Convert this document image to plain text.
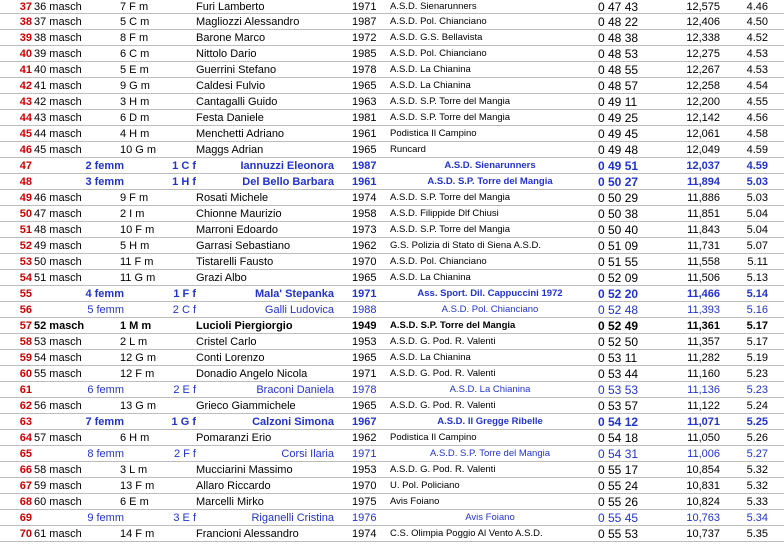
37 36 masch	7 F m	Furi Lamberto	1971	A.S.D. Sienarunners	0 47 43	12,575	4.46
38 37 masch	5 C m	Magliozzi Alessandro	1987	A.S.D. Pol. Chianciano	0 48 22	12,406	4.50
39 38 masch	8 F m	Barone Marco	1972	A.S.D. G.S. Bellavista	0 48 38	12,338	4.52
40 39 masch	6 C m	Nittolo Dario	1985	A.S.D. Pol. Chianciano	0 48 53	12,275	4.53
41 40 masch	5 E m	Guerrini Stefano	1978	A.S.D. La Chianina	0 48 55	12,267	4.53
42 41 masch	9 G m	Caldesi Fulvio	1965	A.S.D. La Chianina	0 48 57	12,258	4.54
43 42 masch	3 H m	Cantagalli Guido	1963	A.S.D. S.P. Torre del Mangia	0 49 11	12,200	4.55
44 43 masch	6 D m	Festa Daniele	1981	A.S.D. S.P. Torre del Mangia	0 49 25	12,142	4.56
45 44 masch	4 H m	Menchetti Adriano	1961	Podistica Il Campino	0 49 45	12,061	4.58
46 45 masch	10 G m	Maggs Adrian	1965	Runcard	0 49 48	12,049	4.59
47	2 femm	1 C f	Iannuzzi Eleonora 1987	A.S.D. Sienarunners	0 49 51	12,037	4.59
48	3 femm	1 H f	Del Bello Barbara 1961	A.S.D. S.P. Torre del Mangia	0 50 27	11,894	5.03
49 46 masch	9 F m	Rosati Michele	1974	A.S.D. S.P. Torre del Mangia	0 50 29	11,886	5.03
50 47 masch	2 I m	Chionne Maurizio	1958	A.S.D. Filippide Dlf Chiusi	0 50 38	11,851	5.04
51 48 masch	10 F m	Marroni Edoardo	1973	A.S.D. S.P. Torre del Mangia	0 50 40	11,843	5.04
52 49 masch	5 H m	Garrasi Sebastiano	1962	G.S. Polizia di Stato di Siena A.S.D.	0 51 09	11,731	5.07
53 50 masch	11 F m	Tistarelli Fausto	1970	A.S.D. Pol. Chianciano	0 51 55	11,558	5.11
54 51 masch	11 G m	Grazi Albo	1965	A.S.D. La Chianina	0 52 09	11,506	5.13
55	4 femm	1 F f	Mala' Stepanka 1971	Ass. Sport. Dil. Cappuccini 1972	0 52 20	11,466	5.14
56	5 femm	2 C f	Galli Ludovica 1988	A.S.D. Pol. Chianciano	0 52 48	11,393	5.16
57 52 masch	1 M m	Lucioli Piergiorgio	1949	A.S.D. S.P. Torre del Mangia	0 52 49	11,361	5.17
58 53 masch	2 L m	Cristel Carlo	1953	A.S.D. G. Pod. R. Valenti	0 52 50	11,357	5.17
59 54 masch	12 G m	Conti Lorenzo	1965	A.S.D. La Chianina	0 53 11	11,282	5.19
60 55 masch	12 F m	Donadio Angelo Nicola	1971	A.S.D. G. Pod. R. Valenti	0 53 44	11,160	5.23
61	6 femm	2 E f	Braconi Daniela 1978	A.S.D. La Chianina	0 53 53	11,136	5.23
62 56 masch	13 G m	Grieco Giammichele	1965	A.S.D. G. Pod. R. Valenti	0 53 57	11,122	5.24
63	7 femm	1 G f	Calzoni Simona 1967	A.S.D. Il Gregge Ribelle	0 54 12	11,071	5.25
64 57 masch	6 H m	Pomaranzi Erio	1962	Podistica Il Campino	0 54 18	11,050	5.26
65	8 femm	2 F f	Corsi Ilaria 1971	A.S.D. S.P. Torre del Mangia	0 54 31	11,006	5.27
66 58 masch	3 L m	Mucciarini Massimo	1953	A.S.D. G. Pod. R. Valenti	0 55 17	10,854	5.32
67 59 masch	13 F m	Allaro Riccardo	1970	U. Pol. Policiano	0 55 24	10,831	5.32
68 60 masch	6 E m	Marcelli Mirko	1975	Avis Foiano	0 55 26	10,824	5.33
69	9 femm	3 E f	Riganelli Cristina 1976	Avis Foiano	0 55 45	10,763	5.34
70 61 masch	14 F m	Francioni Alessandro	1974	C.S. Olimpia Poggio Al Vento A.S.D.	0 55 53	10,737	5.35
